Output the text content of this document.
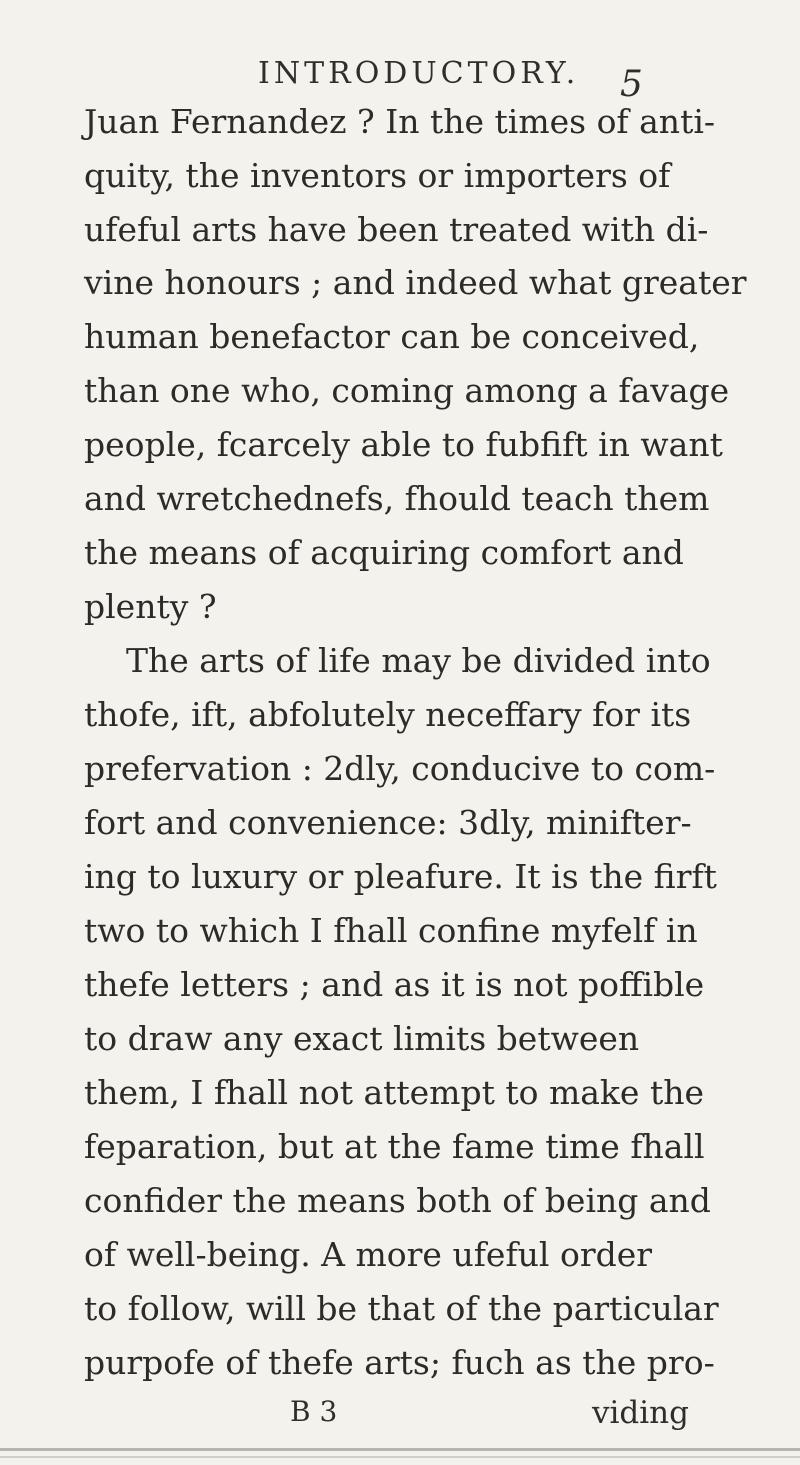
INTRODUCTORY. 5
Juan Fernandez ? In the times of anti-
quity, the inventors or importers of
ufeful arts have been treated with di-
vine honours ; and indeed what greater
human benefactor can be conceived,
than one who, coming among a favage
people, fcarcely able to fubfift in want
and wretchednefs, fhould teach them
the means of acquiring comfort and
plenty ?
The arts of life may be divided into
thofe, ift, abfolutely neceffary for its
prefervation : 2dly, conducive to com-
fort and convenience: 3dly, minifter-
ing to luxury or pleafure. It is the firft
two to which I fhall confine myfelf in
thefe letters ; and as it is not poffible
to draw any exact limits between
them, I fhall not attempt to make the
feparation, but at the fame time fhall
confider the means both of being and
of well-being. A more ufeful order
to follow, will be that of the particular
purpofe of thefe arts; fuch as the pro-
B 3	viding
